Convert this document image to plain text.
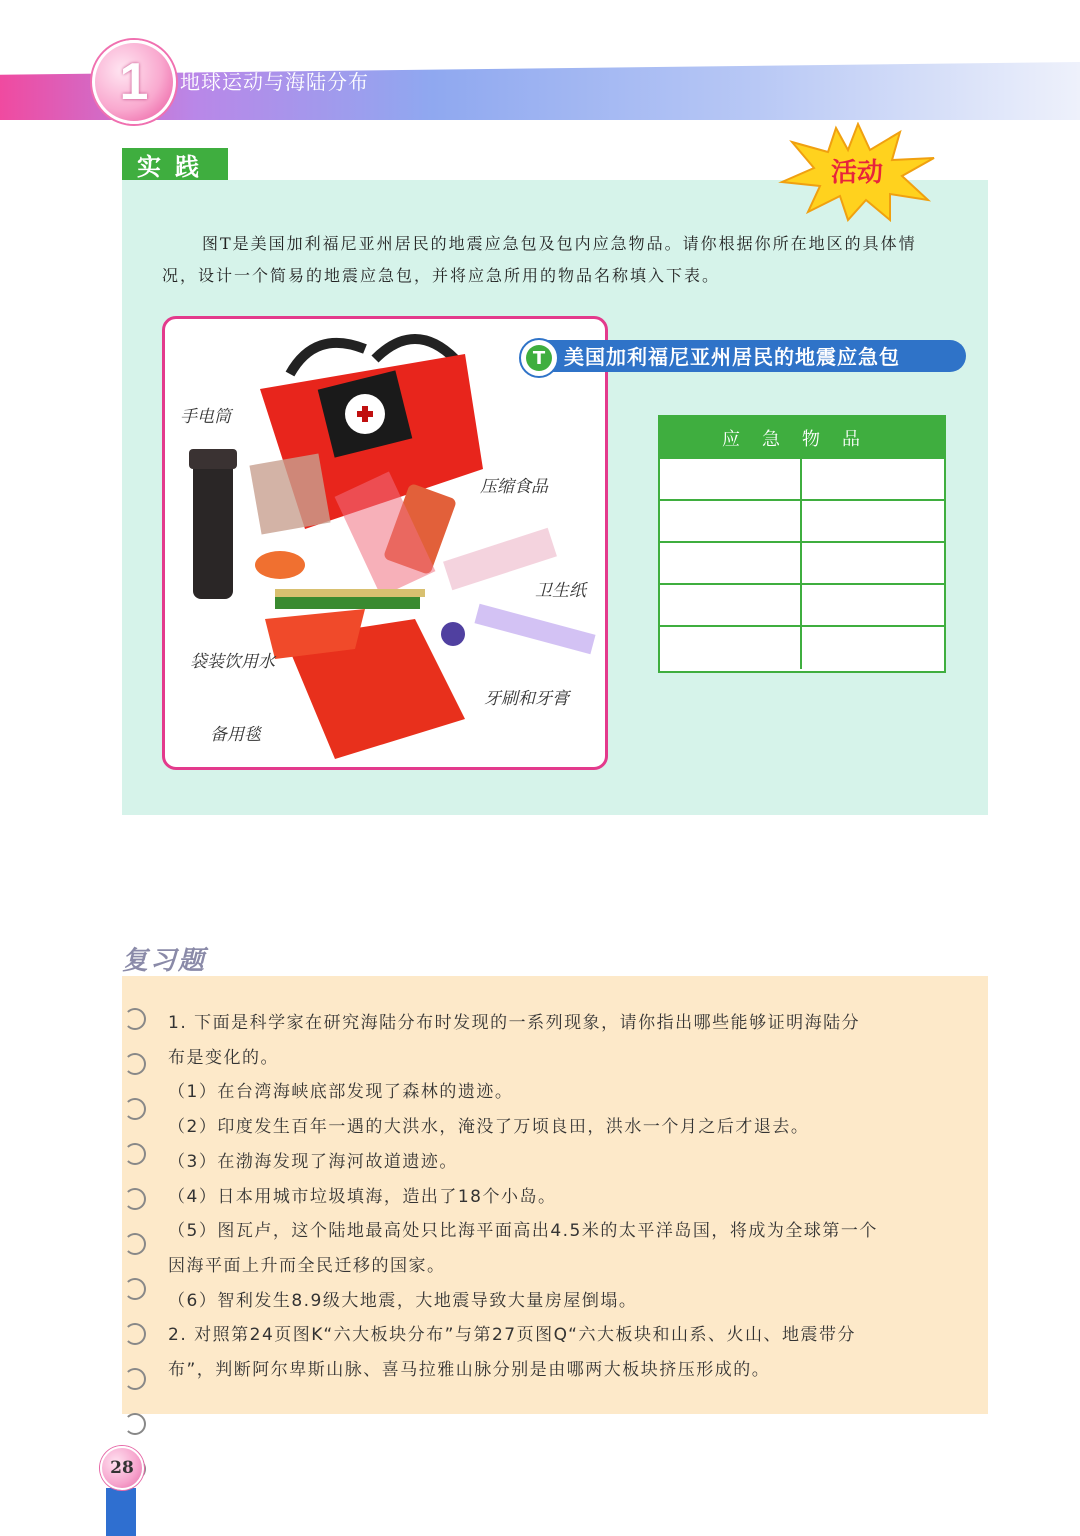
1 地球运动与海陆分布
实践	活动
图T是美国加利福尼亚州居民的地震应急包及包内应急物品。请你根据你所在地区的具体情况，设计一个简易的地震应急包，并将应急所用的物品名称填入下表。
手电筒
压缩食品
卫生纸
袋装饮用水
牙刷和牙膏
备用毯
T 美国加利福尼亚州居民的地震应急包
应急物品
复习题
1. 下面是科学家在研究海陆分布时发现的一系列现象，请你指出哪些能够证明海陆分
布是变化的。
（1）在台湾海峡底部发现了森林的遗迹。
（2）印度发生百年一遇的大洪水，淹没了万顷良田，洪水一个月之后才退去。
（3）在渤海发现了海河故道遗迹。
（4）日本用城市垃圾填海，造出了18个小岛。
（5）图瓦卢，这个陆地最高处只比海平面高出4.5米的太平洋岛国，将成为全球第一个
因海平面上升而全民迁移的国家。
（6）智利发生8.9级大地震，大地震导致大量房屋倒塌。
2. 对照第24页图K“六大板块分布”与第27页图Q“六大板块和山系、火山、地震带分
布”，判断阿尔卑斯山脉、喜马拉雅山脉分别是由哪两大板块挤压形成的。
28
